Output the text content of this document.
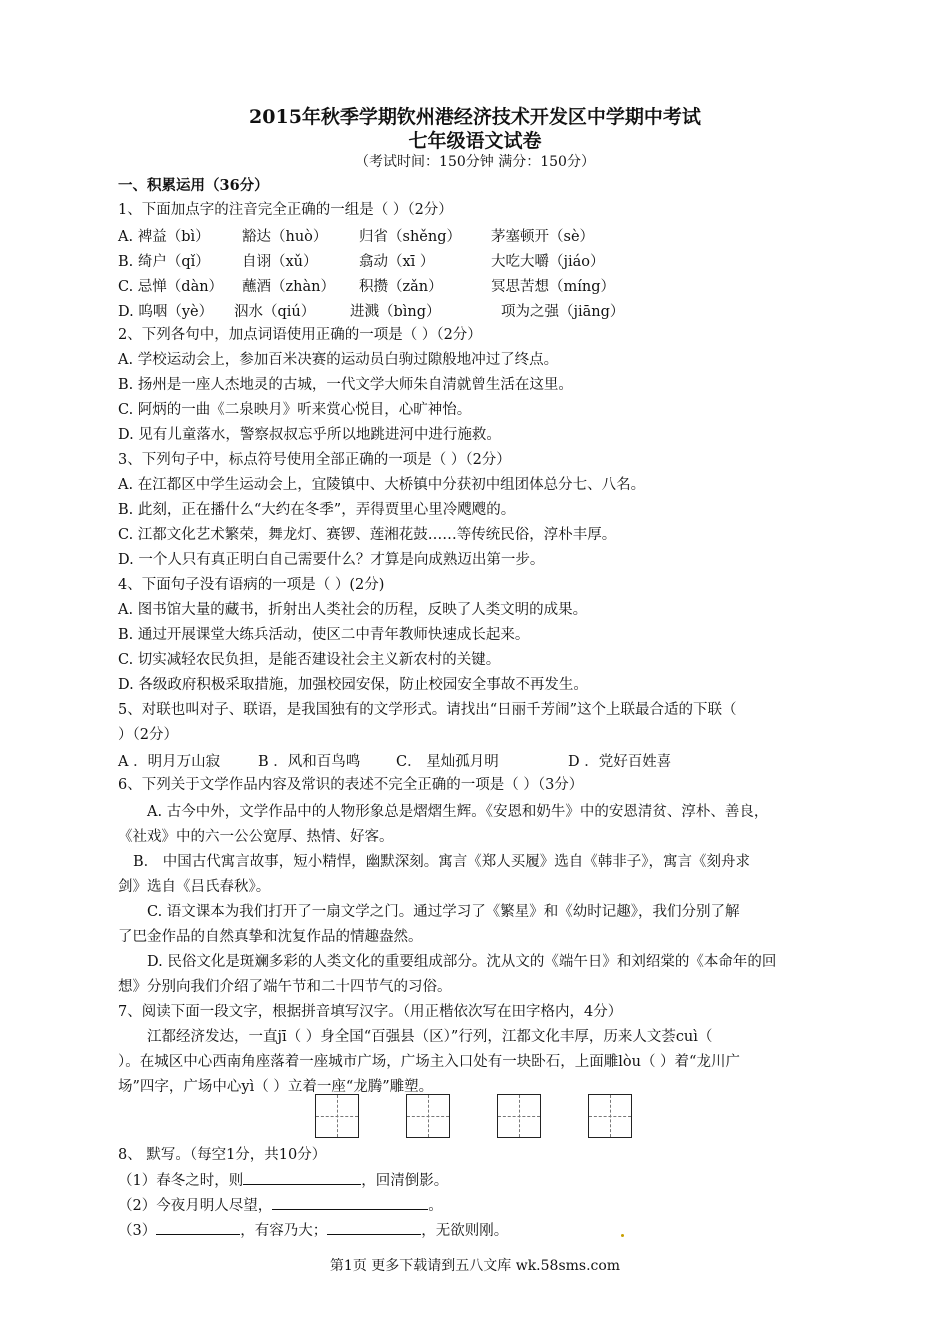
2015年秋季学期钦州港经济技术开发区中学期中考试
七年级语文试卷
（考试时间：150分钟 满分：150分）
一、积累运用（36分）
1、下面加点字的注音完全正确的一组是（ ）（2分）
A. 裨益（bì） 豁达（huò） 归省（shěng） 茅塞顿开（sè）
B. 绮户（qǐ） 自诩（xǔ）	翕动（xī ）	大吃大嚼（jiáo）
C. 忌惮（dàn） 蘸酒（zhàn） 积攒（zǎn）	冥思苦想（míng）
D. 呜咽（yè） 泅水（qiú） 进溅（bìng）	项为之强（jiāng）
2、下列各句中，加点词语使用正确的一项是（ ）（2分）
A. 学校运动会上，参加百米决赛的运动员白驹过隙般地冲过了终点。
B. 扬州是一座人杰地灵的古城，一代文学大师朱自清就曾生活在这里。
C. 阿炳的一曲《二泉映月》听来赏心悦目，心旷神怡。
D. 见有儿童落水，警察叔叔忘乎所以地跳进河中进行施救。
3、下列句子中，标点符号使用全部正确的一项是（ ）（2分）
A. 在江都区中学生运动会上，宜陵镇中、大桥镇中分获初中组团体总分七、八名。
B. 此刻，正在播什么“大约在冬季”，弄得贾里心里冷飕飕的。
C. 江都文化艺术繁荣，舞龙灯、赛锣、莲湘花鼓……等传统民俗，淳朴丰厚。
D. 一个人只有真正明白自己需要什么？才算是向成熟迈出第一步。
4、下面句子没有语病的一项是（ ）(2分)
A. 图书馆大量的藏书，折射出人类社会的历程，反映了人类文明的成果。
B. 通过开展课堂大练兵活动，使区二中青年教师快速成长起来。
C. 切实减轻农民负担，是能否建设社会主义新农村的关键。
D. 各级政府积极采取措施，加强校园安保，防止校园安全事故不再发生。
5、对联也叫对子、联语，是我国独有的文学形式。请找出“日丽千芳闹”这个上联最合适的下联（
）（2分）
A ．明月万山寂	B ．风和百鸟鸣 C． 星灿孤月明	D ．党好百姓喜
6、下列关于文学作品内容及常识的表述不完全正确的一项是（ ）（3分）
A. 古今中外，文学作品中的人物形象总是熠熠生辉。《安恩和奶牛》中的安恩清贫、淳朴、善良，
《社戏》中的六一公公宽厚、热情、好客。
B． 中国古代寓言故事，短小精悍，幽默深刻。寓言《郑人买履》选自《韩非子》，寓言《刻舟求
剑》选自《吕氏春秋》。
C. 语文课本为我们打开了一扇文学之门。通过学习了《繁星》和《幼时记趣》，我们分别了解
了巴金作品的自然真挚和沈复作品的情趣盎然。
D. 民俗文化是斑斓多彩的人类文化的重要组成部分。沈从文的《端午日》和刘绍棠的《本命年的回
想》分别向我们介绍了端午节和二十四节气的习俗。
7、阅读下面一段文字，根据拼音填写汉字。（用正楷依次写在田字格内，4分）
江都经济发达，一直jī（ ）身全国“百强县（区）”行列，江都文化丰厚，历来人文荟cuì（
）。在城区中心西南角座落着一座城市广场，广场主入口处有一块卧石，上面雕lòu（ ）着“龙川广
场”四字，广场中心yì（ ）立着一座“龙腾”雕塑。
8、 默写。（每空1分，共10分）
（1）春冬之时，则	，回清倒影。
（2）今夜月明人尽望，	。
（3）	，有容乃大；	，无欲则刚。
第1页 更多下载请到五八文库 wk.58sms.com
